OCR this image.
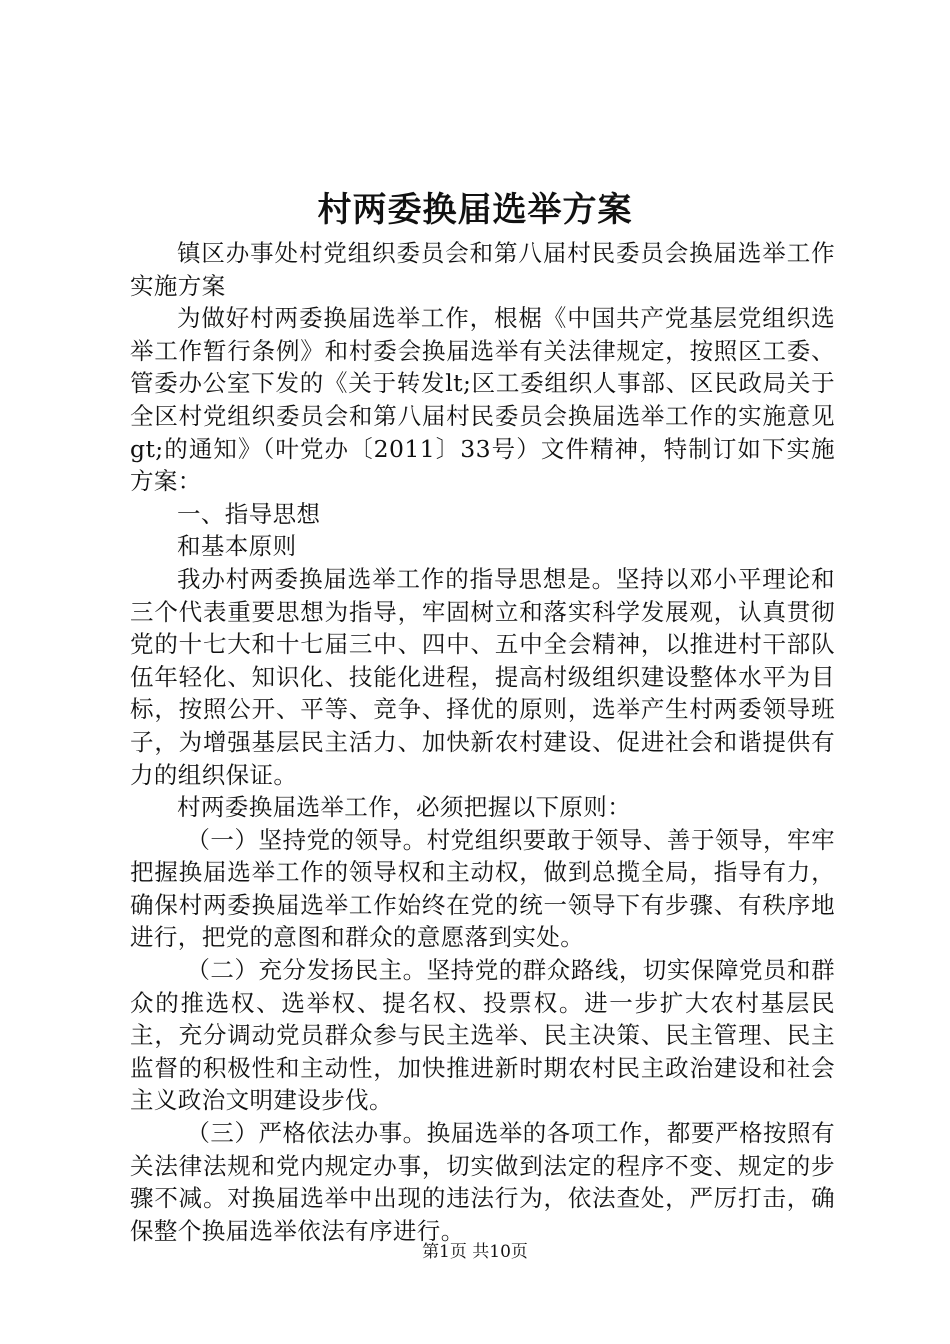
村两委换届选举方案

镇区办事处村党组织委员会和第八届村民委员会换届选举工作实施方案

为做好村两委换届选举工作，根椐《中国共产党基层党组织选举工作暂行条例》和村委会换届选举有关法律规定，按照区工委、管委办公室下发的《关于转发lt;区工委组织人事部、区民政局关于全区村党组织委员会和第八届村民委员会换届选举工作的实施意见gt;的通知》（叶党办〔2011〕33号）文件精神，特制订如下实施方案：

一、指导思想

和基本原则

我办村两委换届选举工作的指导思想是。坚持以邓小平理论和三个代表重要思想为指导，牢固树立和落实科学发展观，认真贯彻党的十七大和十七届三中、四中、五中全会精神，以推进村干部队伍年轻化、知识化、技能化进程，提高村级组织建设整体水平为目标，按照公开、平等、竞争、择优的原则，选举产生村两委领导班子，为增强基层民主活力、加快新农村建设、促进社会和谐提供有力的组织保证。

村两委换届选举工作，必须把握以下原则：

（一）坚持党的领导。村党组织要敢于领导、善于领导，牢牢把握换届选举工作的领导权和主动权，做到总揽全局，指导有力，确保村两委换届选举工作始终在党的统一领导下有步骤、有秩序地进行，把党的意图和群众的意愿落到实处。

（二）充分发扬民主。坚持党的群众路线，切实保障党员和群众的推选权、选举权、提名权、投票权。进一步扩大农村基层民主，充分调动党员群众参与民主选举、民主决策、民主管理、民主监督的积极性和主动性，加快推进新时期农村民主政治建设和社会主义政治文明建设步伐。

（三）严格依法办事。换届选举的各项工作，都要严格按照有关法律法规和党内规定办事，切实做到法定的程序不变、规定的步骤不减。对换届选举中出现的违法行为，依法查处，严厉打击，确保整个换届选举依法有序进行。

第1页 共10页
